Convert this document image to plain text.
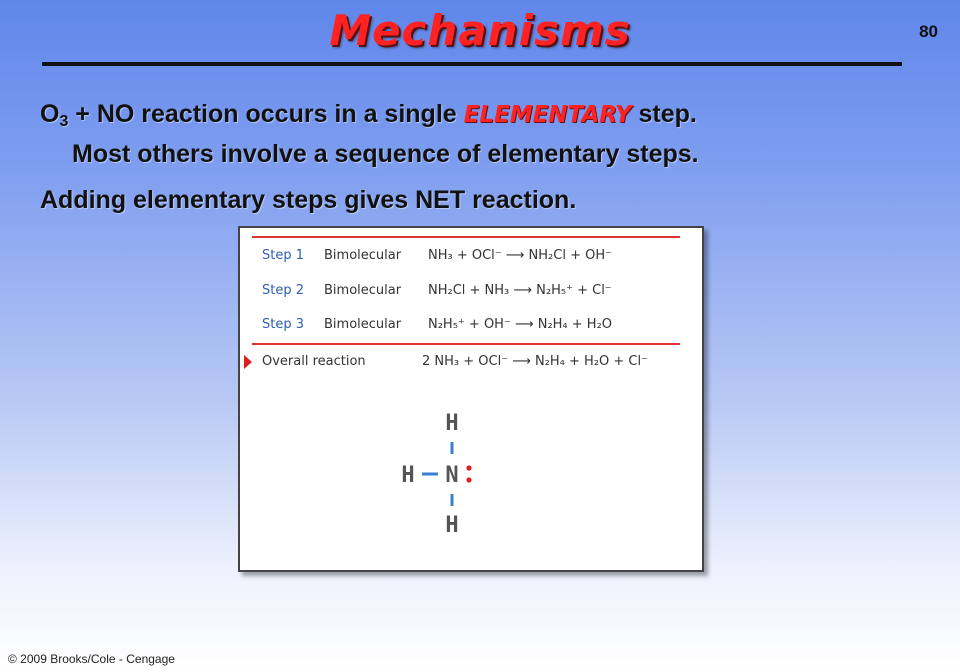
Mechanisms	80
$O_3$ + NO reaction occurs in a single ELEMENTARY step.
Most others involve a sequence of elementary steps.
Adding elementary steps gives NET reaction.
Step 1 Bimolecular NH₃ + OCl⁻ ⟶ NH₂Cl + OH⁻
Step 2 Bimolecular NH₂Cl + NH₃ ⟶ N₂H₅⁺ + Cl⁻
Step 3 Bimolecular N₂H₅⁺ + OH⁻ ⟶ N₂H₄ + H₂O
Overall reaction	2 NH₃ + OCl⁻ ⟶ N₂H₄ + H₂O + Cl⁻
H
H N
H
© 2009 Brooks/Cole - Cengage
